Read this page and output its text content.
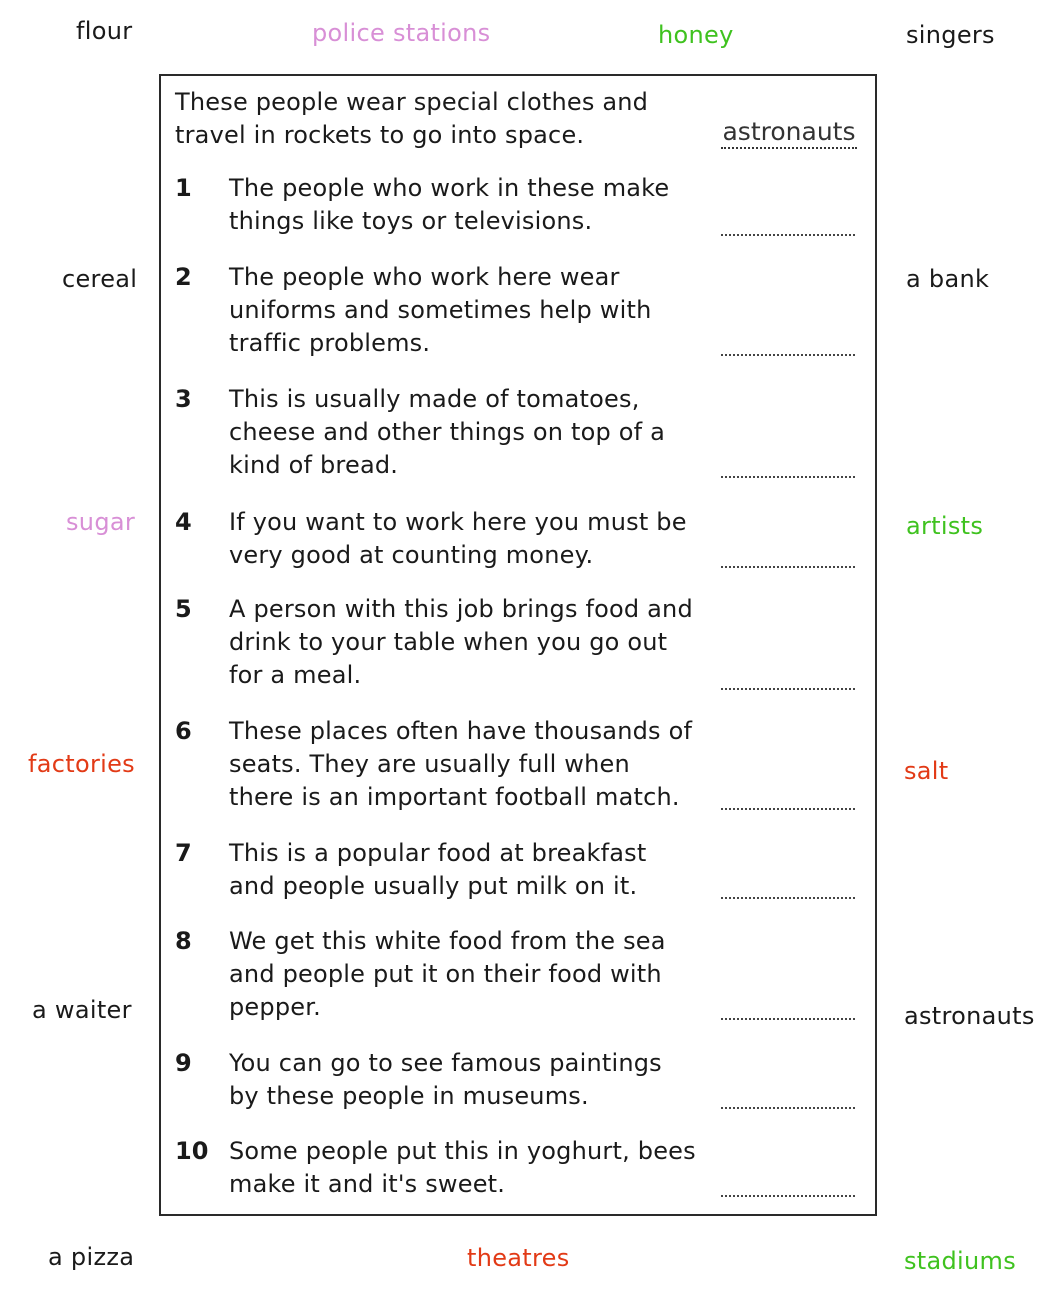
flour	police stations	honey	singers
cereal	a bank
sugar	artists
factories	salt
a waiter	astronauts
a pizza	theatres	stadiums
These people wear special clothes and travel in rockets to go into space.	astronauts
1 The people who work in these make things like toys or televisions.
2 The people who work here wear uniforms and sometimes help with traffic problems.
3 This is usually made of tomatoes, cheese and other things on top of a kind of bread.
4 If you want to work here you must be very good at counting money.
5 A person with this job brings food and drink to your table when you go out for a meal.
6 These places often have thousands of seats. They are usually full when there is an important football match.
7 This is a popular food at breakfast and people usually put milk on it.
8 We get this white food from the sea and people put it on their food with pepper.
9 You can go to see famous paintings by these people in museums.
10 Some people put this in yoghurt, bees make it and it's sweet.
